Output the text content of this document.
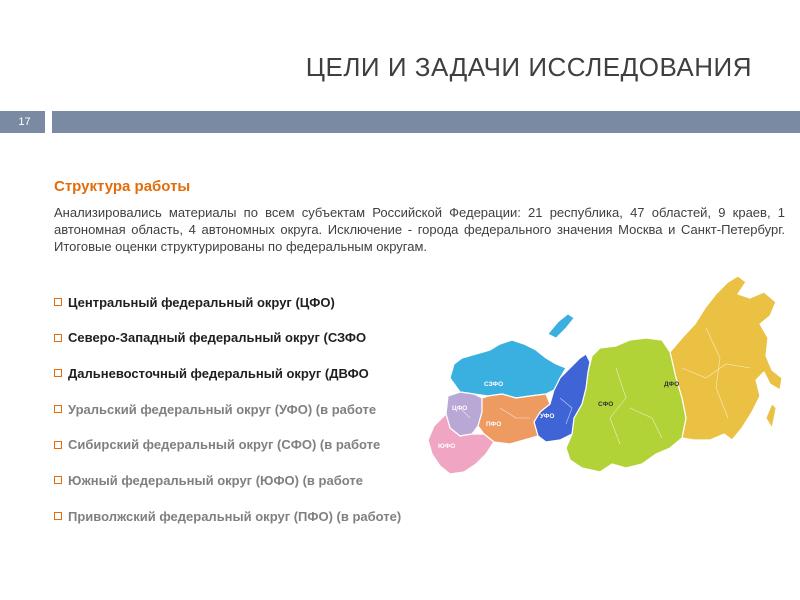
ЦЕЛИ И ЗАДАЧИ ИССЛЕДОВАНИЯ
17
Структура работы
Анализировались материалы по всем субъектам Российской Федерации: 21 республика, 47 областей, 9 краев, 1 автономная область, 4 автономных округа. Исключение - города федерального значения Москва и Санкт-Петербург. Итоговые оценки структурированы по федеральным округам.
СЗФО
ЦФО
ПФО
ЮФО
УФО
СФО
ДФО
Центральный федеральный округ (ЦФО)
Северо-Западный федеральный округ (СЗФО
Дальневосточный федеральный округ (ДВФО
Уральский федеральный округ (УФО) (в работе
Сибирский федеральный округ (СФО) (в работе
Южный федеральный округ (ЮФО) (в работе
Приволжский федеральный округ (ПФО) (в работе)
